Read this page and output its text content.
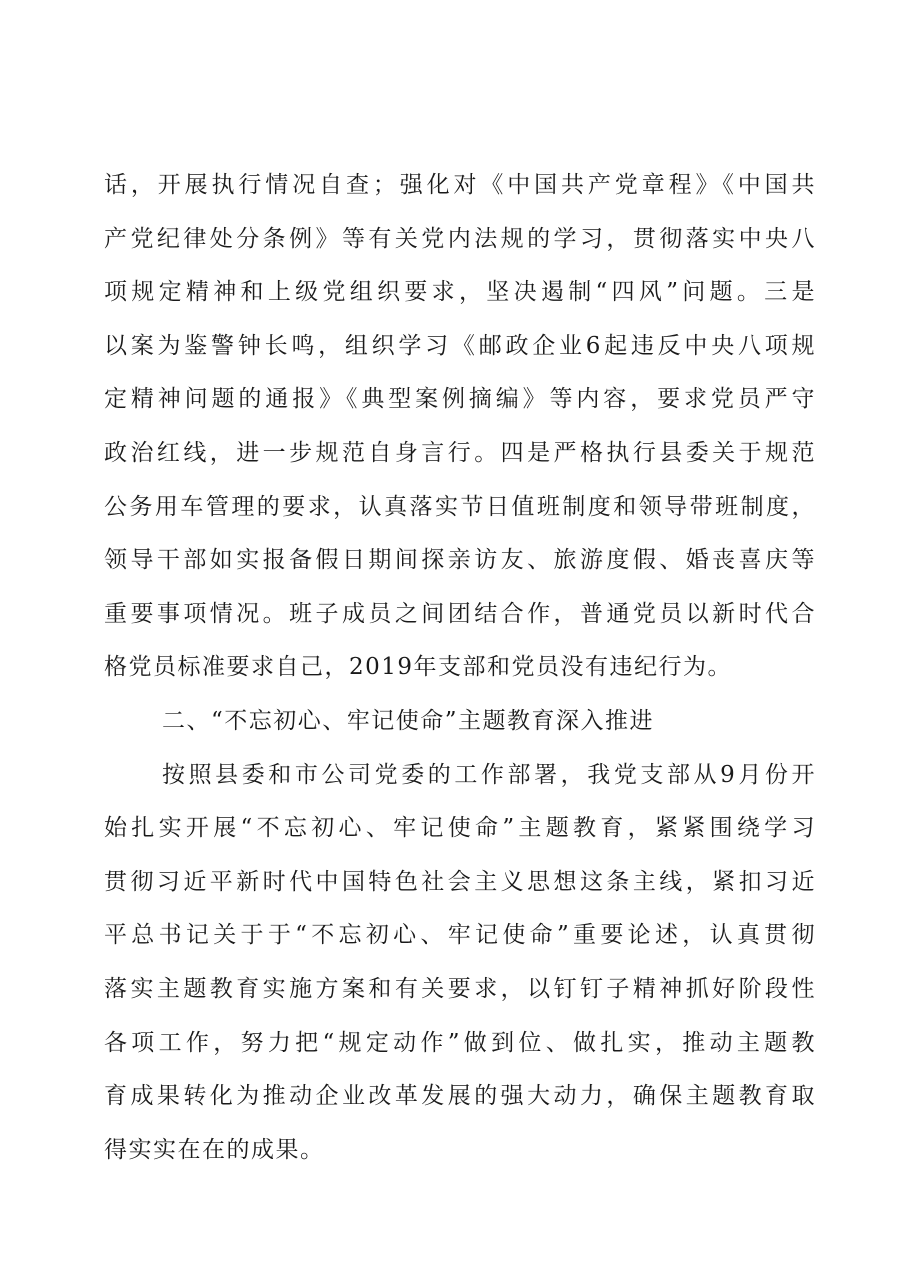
话，开展执行情况自查；强化对《中国共产党章程》《中国共
产党纪律处分条例》等有关党内法规的学习，贯彻落实中央八
项规定精神和上级党组织要求，坚决遏制“四风”问题。三是
以案为鉴警钟长鸣，组织学习《邮政企业6起违反中央八项规
定精神问题的通报》《典型案例摘编》等内容，要求党员严守
政治红线，进一步规范自身言行。四是严格执行县委关于规范
公务用车管理的要求，认真落实节日值班制度和领导带班制度，
领导干部如实报备假日期间探亲访友、旅游度假、婚丧喜庆等
重要事项情况。班子成员之间团结合作，普通党员以新时代合
格党员标准要求自己，2019年支部和党员没有违纪行为。
二、“不忘初心、牢记使命”主题教育深入推进
按照县委和市公司党委的工作部署，我党支部从9月份开
始扎实开展“不忘初心、牢记使命”主题教育，紧紧围绕学习
贯彻习近平新时代中国特色社会主义思想这条主线，紧扣习近
平总书记关于于“不忘初心、牢记使命”重要论述，认真贯彻
落实主题教育实施方案和有关要求，以钉钉子精神抓好阶段性
各项工作，努力把“规定动作”做到位、做扎实，推动主题教
育成果转化为推动企业改革发展的强大动力，确保主题教育取
得实实在在的成果。
